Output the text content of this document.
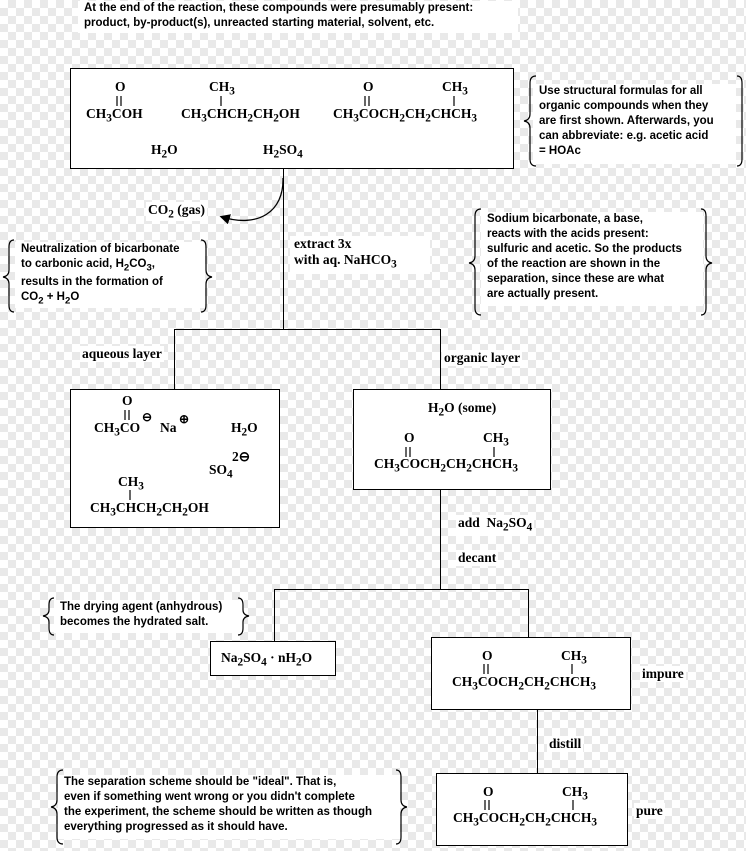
At the end of the reaction, these compounds were presumably present:
product, by-product(s), unreacted starting material, solvent, etc.
O
$CH_3COH$
$CH_3$
$CH_3CHCH_2CH_2OH$
O	$CH_3$
$CH_3COCH_2CH_2CHCH_3$
$H_2O$	$H_2SO_4$
Use structural formulas for all
organic compounds when they
are first shown. Afterwards, you
can abbreviate: e.g. acetic acid
= HOAc
$CO_2$ (gas)
extract 3x
with aq. NaHCO$_3$
Sodium bicarbonate, a base,
reacts with the acids present:
sulfuric and acetic. So the products
of the reaction are shown in the
separation, since these are what
are actually present.
Neutralization of bicarbonate
to carbonic acid, $H_2CO_3$,
results in the formation of
$CO_2 + H_2O$
aqueous layer	organic layer
O
$CH_3CO$
⊖
Na
⊕
$H_2O$
2⊖
$SO_4$
$CH_3$
$CH_3CHCH_2CH_2OH$
$H_2O$ (some)
O	$CH_3$
$CH_3COCH_2CH_2CHCH_3$
add  $Na_2SO_4$
decant
The drying agent (anhydrous)
becomes the hydrated salt.
$Na_2SO_4 \cdot nH_2O$	O	$CH_3$
$CH_3COCH_2CH_2CHCH_3$
impure
distill
O	$CH_3$
$CH_3COCH_2CH_2CHCH_3$
pure
The separation scheme should be "ideal". That is,
even if something went wrong or you didn't complete
the experiment, the scheme should be written as though
everything progressed as it should have.
